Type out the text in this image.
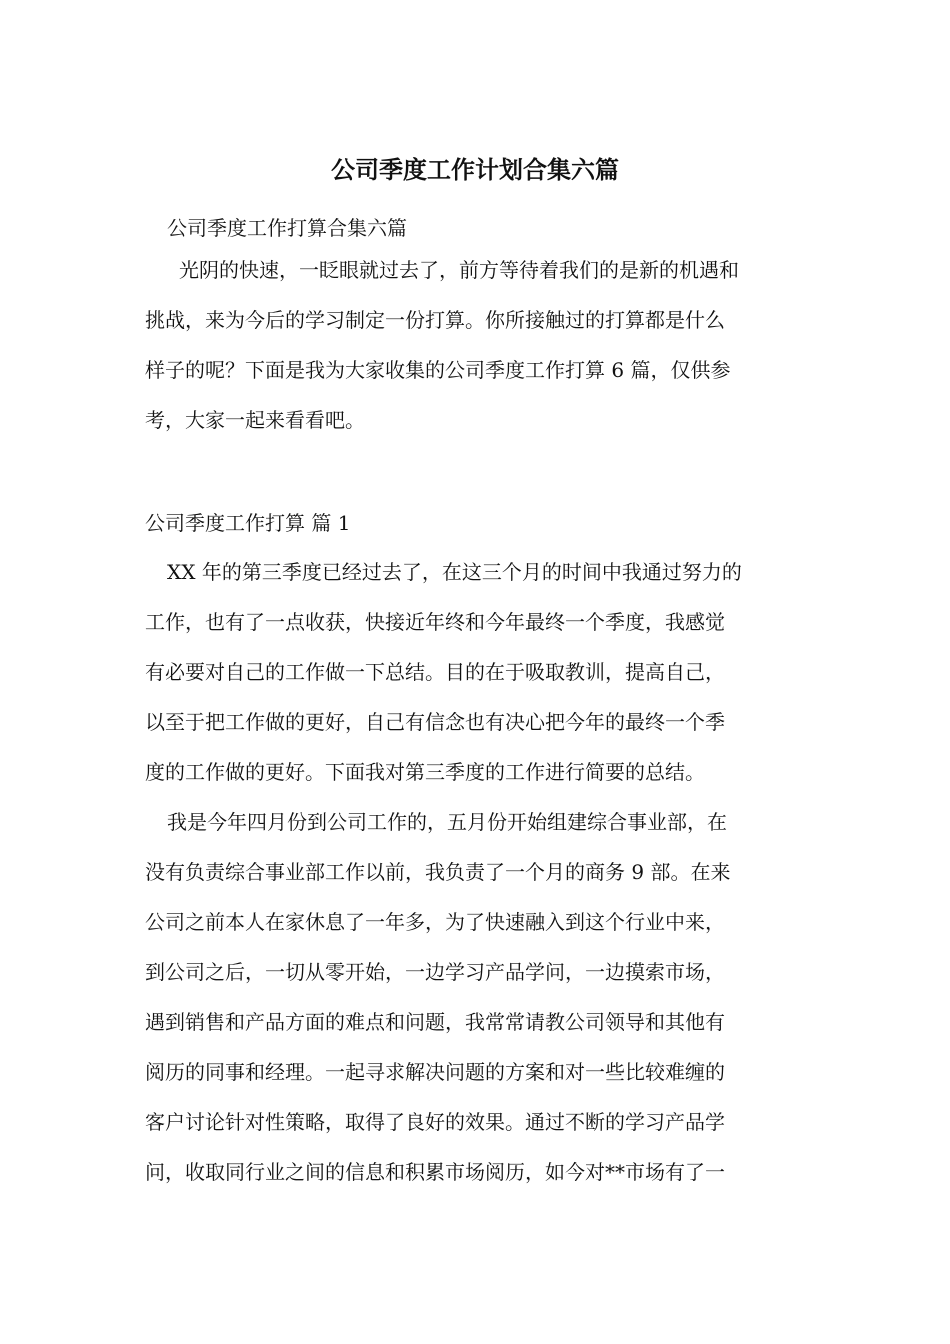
公司季度工作计划合集六篇
公司季度工作打算合集六篇
光阴的快速，一眨眼就过去了，前方等待着我们的是新的机遇和
挑战，来为今后的学习制定一份打算。你所接触过的打算都是什么
样子的呢？下面是我为大家收集的公司季度工作打算 6 篇，仅供参
考，大家一起来看看吧。
公司季度工作打算 篇 1
XX 年的第三季度已经过去了，在这三个月的时间中我通过努力的
工作，也有了一点收获，快接近年终和今年最终一个季度，我感觉
有必要对自己的工作做一下总结。目的在于吸取教训，提高自己，
以至于把工作做的更好，自己有信念也有决心把今年的最终一个季
度的工作做的更好。下面我对第三季度的工作进行简要的总结。
我是今年四月份到公司工作的，五月份开始组建综合事业部，在
没有负责综合事业部工作以前，我负责了一个月的商务 9 部。在来
公司之前本人在家休息了一年多，为了快速融入到这个行业中来，
到公司之后，一切从零开始，一边学习产品学问，一边摸索市场，
遇到销售和产品方面的难点和问题，我常常请教公司领导和其他有
阅历的同事和经理。一起寻求解决问题的方案和对一些比较难缠的
客户讨论针对性策略，取得了良好的效果。通过不断的学习产品学
问，收取同行业之间的信息和积累市场阅历，如今对**市场有了一
